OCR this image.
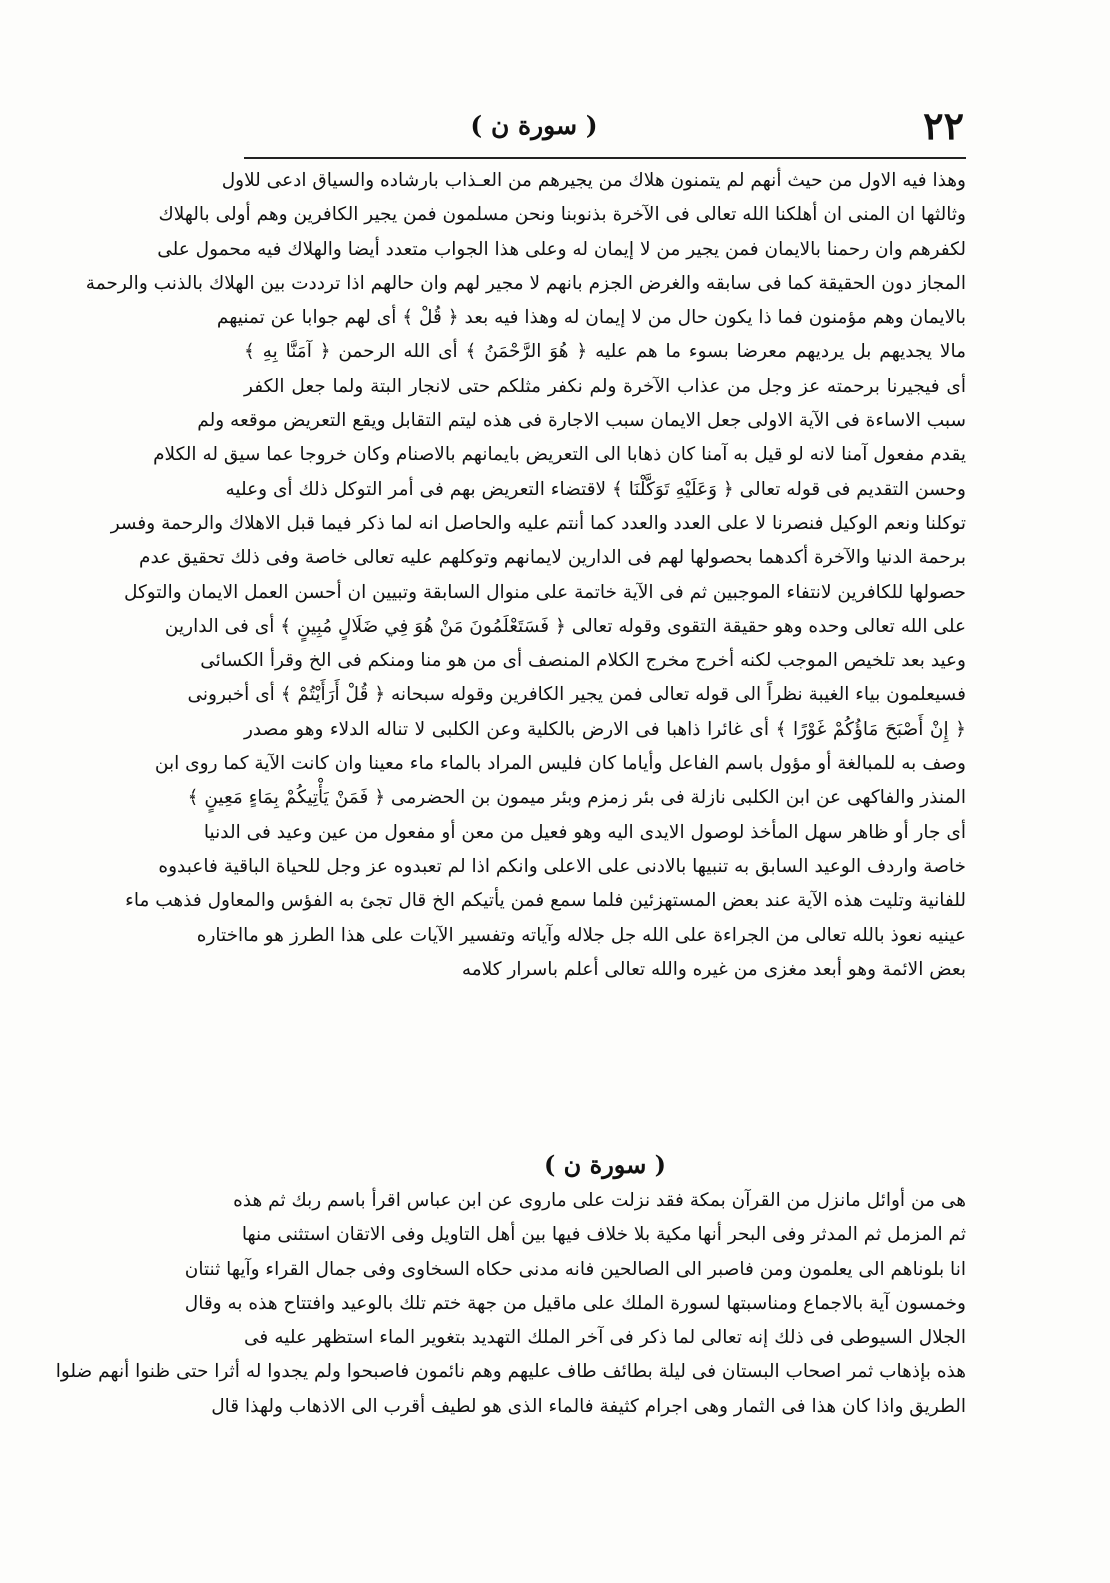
٢٢
( سورة ن )
وهذا فيه الاول من حيث أنهم لم يتمنون هلاك من يجيرهم من العـذاب بارشاده والسياق ادعى للاول
وثالثها ان المنى ان أهلكنا الله تعالى فى الآخرة بذنوبنا ونحن مسلمون فمن يجير الكافرين وهم أولى بالهلاك
لكفرهم وان رحمنا بالايمان فمن يجير من لا إيمان له وعلى هذا الجواب متعدد أيضا والهلاك فيه محمول على
المجاز دون الحقيقة كما فى سابقه والغرض الجزم بانهم لا مجير لهم وان حالهم اذا ترددت بين الهلاك بالذنب والرحمة
بالايمان وهم مؤمنون فما ذا يكون حال من لا إيمان له وهذا فيه بعد ﴿ قُلْ ﴾ أى لهم جوابا عن تمنيهم
مالا يجديهم بل يرديهم معرضا بسوء ما هم عليه ﴿ هُوَ الرَّحْمَنُ ﴾ أى الله الرحمن ﴿ آمَنَّا بِهِ ﴾
أى فيجيرنا برحمته عز وجل من عذاب الآخرة ولم نكفر مثلكم حتى لانجار البتة ولما جعل الكفر
سبب الاساءة فى الآية الاولى جعل الايمان سبب الاجارة فى هذه ليتم التقابل ويقع التعريض موقعه ولم
يقدم مفعول آمنا لانه لو قيل به آمنا كان ذهابا الى التعريض بايمانهم بالاصنام وكان خروجا عما سيق له الكلام
وحسن التقديم فى قوله تعالى ﴿ وَعَلَيْهِ تَوَكَّلْنَا ﴾ لاقتضاء التعريض بهم فى أمر التوكل ذلك أى وعليه
توكلنا ونعم الوكيل فنصرنا لا على العدد والعدد كما أنتم عليه والحاصل انه لما ذكر فيما قبل الاهلاك والرحمة وفسر
برحمة الدنيا والآخرة أكدهما بحصولها لهم فى الدارين لايمانهم وتوكلهم عليه تعالى خاصة وفى ذلك تحقيق عدم
حصولها للكافرين لانتفاء الموجبين ثم فى الآية خاتمة على منوال السابقة وتبيين ان أحسن العمل الايمان والتوكل
على الله تعالى وحده وهو حقيقة التقوى وقوله تعالى ﴿ فَسَتَعْلَمُونَ مَنْ هُوَ فِي ضَلَالٍ مُبِينٍ ﴾ أى فى الدارين
وعيد بعد تلخيص الموجب لكنه أخرج مخرج الكلام المنصف أى من هو منا ومنكم فى الخ وقرأ الكسائى
فسيعلمون بياء الغيبة نظراً الى قوله تعالى فمن يجير الكافرين وقوله سبحانه ﴿ قُلْ أَرَأَيْتُمْ ﴾ أى أخبرونى
﴿ إِنْ أَصْبَحَ مَاؤُكُمْ غَوْرًا ﴾ أى غائرا ذاهبا فى الارض بالكلية وعن الكلبى لا تناله الدلاء وهو مصدر
وصف به للمبالغة أو مؤول باسم الفاعل وأياما كان فليس المراد بالماء ماء معينا وان كانت الآية كما روى ابن
المنذر والفاكهى عن ابن الكلبى نازلة فى بئر زمزم وبئر ميمون بن الحضرمى ﴿ فَمَنْ يَأْتِيكُمْ بِمَاءٍ مَعِينٍ ﴾
أى جار أو ظاهر سهل المأخذ لوصول الايدى اليه وهو فعيل من معن أو مفعول من عين وعيد فى الدنيا
خاصة واردف الوعيد السابق به تنبيها بالادنى على الاعلى وانكم اذا لم تعبدوه عز وجل للحياة الباقية فاعبدوه
للفانية وتليت هذه الآية عند بعض المستهزئين فلما سمع فمن يأتيكم الخ قال تجئ به الفؤس والمعاول فذهب ماء
عينيه نعوذ بالله تعالى من الجراءة على الله جل جلاله وآياته وتفسير الآيات على هذا الطرز هو مااختاره
بعض الائمة وهو أبعد مغزى من غيره والله تعالى أعلم باسرار كلامه
( سورة ن )
هى من أوائل مانزل من القرآن بمكة فقد نزلت على ماروى عن ابن عباس اقرأ باسم ربك ثم هذه
ثم المزمل ثم المدثر وفى البحر أنها مكية بلا خلاف فيها بين أهل التاويل وفى الاتقان استثنى منها
انا بلوناهم الى يعلمون ومن فاصبر الى الصالحين فانه مدنى حكاه السخاوى وفى جمال القراء وآيها ثنتان
وخمسون آية بالاجماع ومناسبتها لسورة الملك على ماقيل من جهة ختم تلك بالوعيد وافتتاح هذه به وقال
الجلال السيوطى فى ذلك إنه تعالى لما ذكر فى آخر الملك التهديد بتغوير الماء استظهر عليه فى
هذه بإذهاب ثمر اصحاب البستان فى ليلة بطائف طاف عليهم وهم نائمون فاصبحوا ولم يجدوا له أثرا حتى ظنوا أنهم ضلوا
الطريق واذا كان هذا فى الثمار وهى اجرام كثيفة فالماء الذى هو لطيف أقرب الى الاذهاب ولهذا قال
